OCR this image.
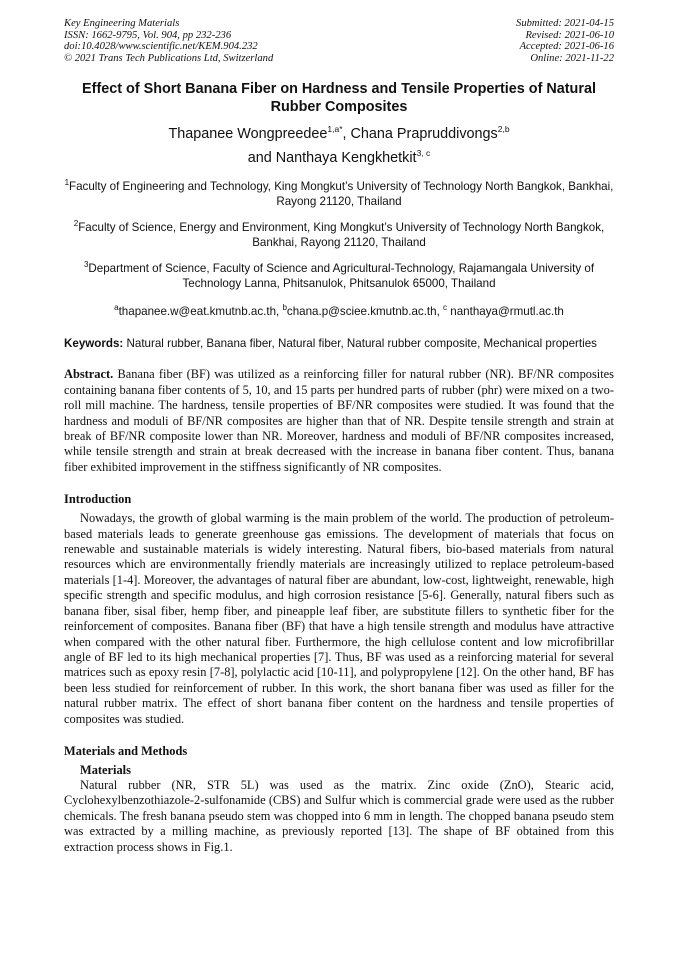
Key Engineering Materials
ISSN: 1662-9795, Vol. 904, pp 232-236
doi:10.4028/www.scientific.net/KEM.904.232
© 2021 Trans Tech Publications Ltd, Switzerland
Submitted: 2021-04-15
Revised: 2021-06-10
Accepted: 2021-06-16
Online: 2021-11-22
Effect of Short Banana Fiber on Hardness and Tensile Properties of Natural Rubber Composites
Thapanee Wongpreedee$^{1,a*}$, Chana Prapruddivongs$^{2,b}$
and Nanthaya Kengkhetkit$^{3, c}$
$^1$Faculty of Engineering and Technology, King Mongkut’s University of Technology North Bangkok, Bankhai, Rayong 21120, Thailand
$^2$Faculty of Science, Energy and Environment, King Mongkut’s University of Technology North Bangkok, Bankhai, Rayong 21120, Thailand
$^3$Department of Science, Faculty of Science and Agricultural-Technology, Rajamangala University of Technology Lanna, Phitsanulok, Phitsanulok 65000, Thailand
$^a$thapanee.w@eat.kmutnb.ac.th, $^b$chana.p@sciee.kmutnb.ac.th, $^c$ nanthaya@rmutl.ac.th
Keywords: Natural rubber, Banana fiber, Natural fiber, Natural rubber composite, Mechanical properties
Abstract. Banana fiber (BF) was utilized as a reinforcing filler for natural rubber (NR). BF/NR composites containing banana fiber contents of 5, 10, and 15 parts per hundred parts of rubber (phr) were mixed on a two-roll mill machine. The hardness, tensile properties of BF/NR composites were studied. It was found that the hardness and moduli of BF/NR composites are higher than that of NR. Despite tensile strength and strain at break of BF/NR composite lower than NR. Moreover, hardness and moduli of BF/NR composites increased, while tensile strength and strain at break decreased with the increase in banana fiber content. Thus, banana fiber exhibited improvement in the stiffness significantly of NR composites.
Introduction

Nowadays, the growth of global warming is the main problem of the world. The production of petroleum-based materials leads to generate greenhouse gas emissions. The development of materials that focus on renewable and sustainable materials is widely interesting. Natural fibers, bio-based materials from natural resources which are environmentally friendly materials are increasingly utilized to replace petroleum-based materials [1-4]. Moreover, the advantages of natural fiber are abundant, low-cost, lightweight, renewable, high specific strength and specific modulus, and high corrosion resistance [5-6]. Generally, natural fibers such as banana fiber, sisal fiber, hemp fiber, and pineapple leaf fiber, are substitute fillers to synthetic fiber for the reinforcement of composites. Banana fiber (BF) that have a high tensile strength and modulus have attractive when compared with the other natural fiber. Furthermore, the high cellulose content and low microfibrillar angle of BF led to its high mechanical properties [7]. Thus, BF was used as a reinforcing material for several matrices such as epoxy resin [7-8], polylactic acid [10-11], and polypropylene [12]. On the other hand, BF has been less studied for reinforcement of rubber. In this work, the short banana fiber was used as filler for the natural rubber matrix. The effect of short banana fiber content on the hardness and tensile properties of composites was studied.

Materials and Methods
Materials

Natural rubber (NR, STR 5L) was used as the matrix. Zinc oxide (ZnO), Stearic acid, Cyclohexylbenzothiazole-2-sulfonamide (CBS) and Sulfur which is commercial grade were used as the rubber chemicals. The fresh banana pseudo stem was chopped into 6 mm in length. The chopped banana pseudo stem was extracted by a milling machine, as previously reported [13]. The shape of BF obtained from this extraction process shows in Fig.1.
